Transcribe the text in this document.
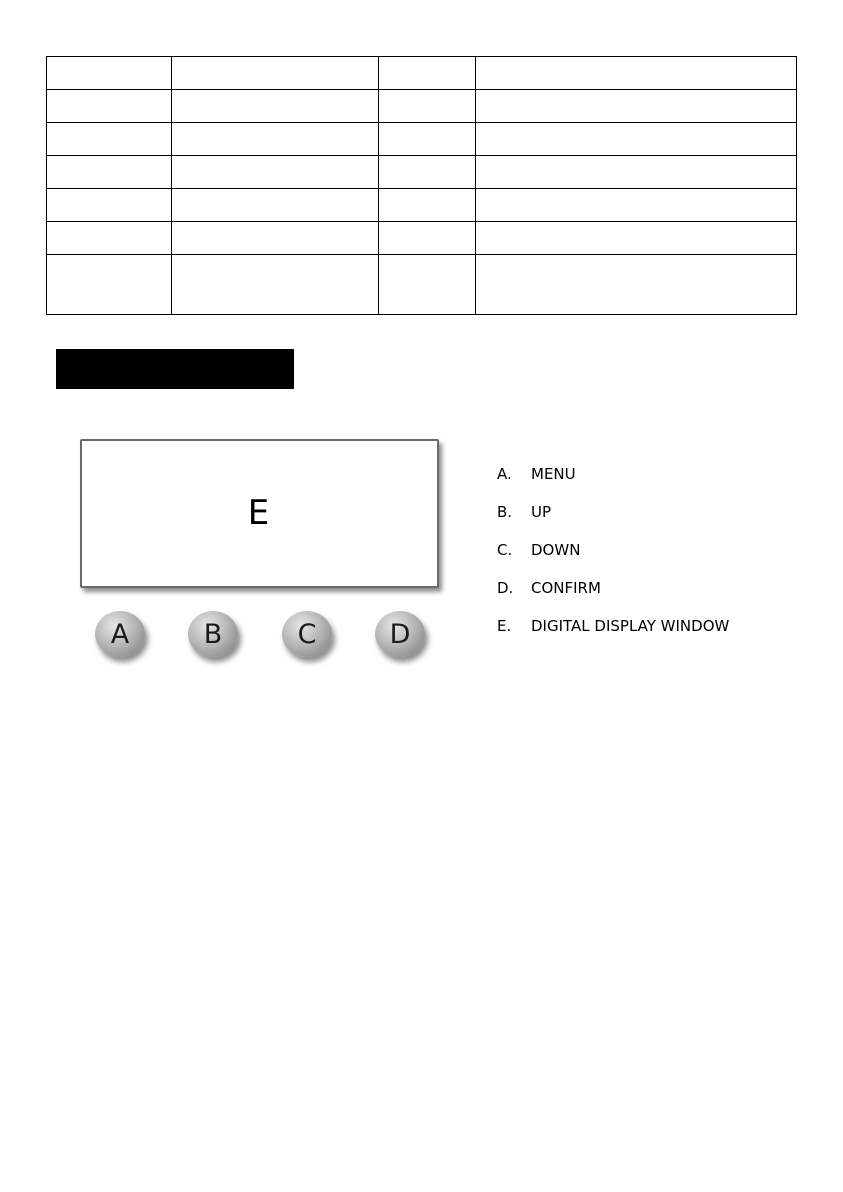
E
A	B	C	D
A. MENU
B. UP
C. DOWN
D. CONFIRM
E. DIGITAL DISPLAY WINDOW
